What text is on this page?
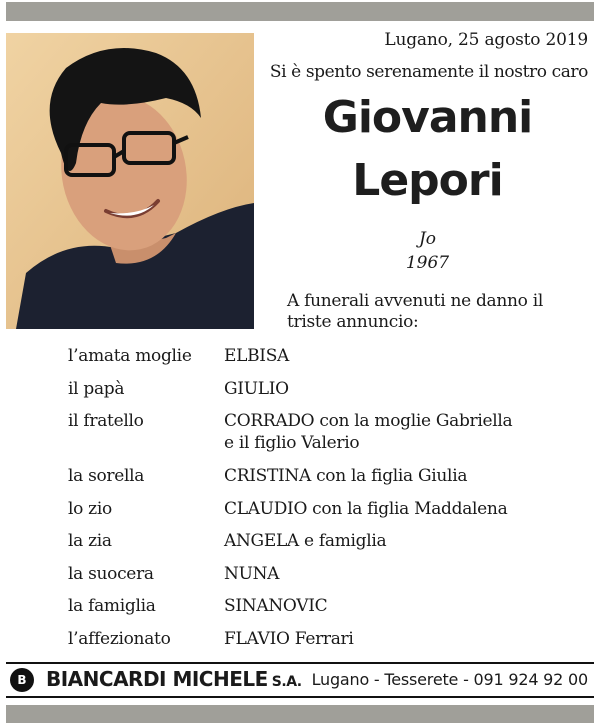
Lugano, 25 agosto 2019
Si è spento serenamente il nostro caro
Giovanni
Lepori
Jo
1967
A funerali avvenuti ne danno il triste annuncio:
l’amata moglie ELBISA
il papà	GIULIO
il fratello	CORRADO con la moglie Gabriella
e il figlio Valerio
la sorella	CRISTINA con la figlia Giulia
lo zio	CLAUDIO con la figlia Maddalena
la zia	ANGELA e famiglia
la suocera	NUNA
la famiglia	SINANOVIC
l’affezionato	FLAVIO Ferrari
B BIANCARDI MICHELE S.A. Lugano - Tesserete - 091 924 92 00
